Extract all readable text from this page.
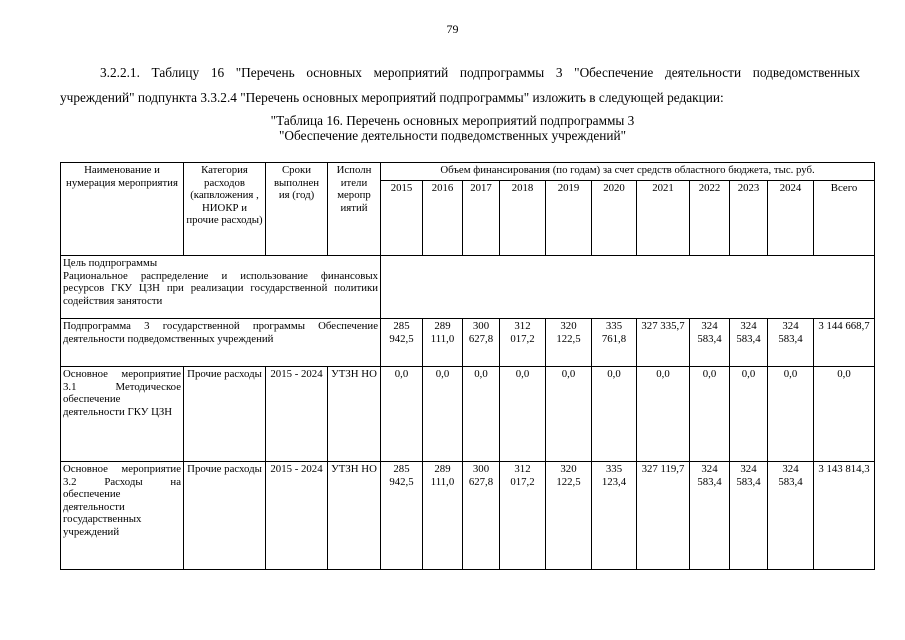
79
3.2.2.1. Таблицу 16 "Перечень основных мероприятий подпрограммы 3 "Обеспечение деятельности подведомственных
учреждений" подпункта 3.3.2.4 "Перечень основных мероприятий подпрограммы" изложить в следующей редакции:
"Таблица 16. Перечень основных мероприятий подпрограммы 3
"Обеспечение деятельности подведомственных учреждений"
Наименование и нумерация мероприятия	Категория расходов (капвложения , НИОКР и прочие расходы)	Сроки выполнен ия (год)	Исполн ители меропр иятий	Объем финансирования (по годам) за счет средств областного бюджета, тыс. руб.										
				2015	2016	2017	2018	2019	2020	2021	2022	2023	2024	Всего

Цель подпрограммы
Рациональное распределение и использование финансовых ресурсов ГКУ ЦЗН при реализации государственной политики содействия занятости														

Подпрограмма 3 государственной программы Обеспечение деятельности подведомственных учреждений				285 942,5	289 111,0	300 627,8	312 017,2	320 122,5	335 761,8	327 335,7	324 583,4	324 583,4	324 583,4	3 144 668,7
Основное мероприятие 3.1 Методическое обеспечение деятельности ГКУ ЦЗН	Прочие расходы	2015 - 2024	УТЗН НО	0,0	0,0	0,0	0,0	0,0	0,0	0,0	0,0	0,0	0,0	0,0
Основное мероприятие 3.2 Расходы на обеспечение деятельности государственных учреждений	Прочие расходы	2015 - 2024	УТЗН НО	285 942,5	289 111,0	300 627,8	312 017,2	320 122,5	335 123,4	327 119,7	324 583,4	324 583,4	324 583,4	3 143 814,3
